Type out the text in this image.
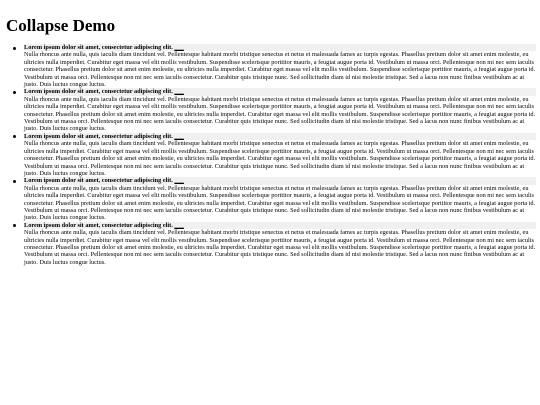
Collapse Demo
Lorem ipsum dolor sit amet, consectetur adipiscing elit. ___
Nulla rhoncus ante nulla, quis iaculis diam tincidunt vel. Pellentesque habitant morbi tristique senectus et netus et malesuada fames ac turpis egestas. Phasellus pretium dolor sit amet enim molestie, eu ultricies nulla imperdiet. Curabitur eget massa vel elit mollis vestibulum. Suspendisse scelerisque porttitor mauris, a feugiat augue porta id. Vestibulum ut massa orci. Pellentesque non mi nec sem iaculis consectetur. Phasellus pretium dolor sit amet enim molestie, eu ultricies nulla imperdiet. Curabitur eget massa vel elit mollis vestibulum. Suspendisse scelerisque porttitor mauris, a feugiat augue porta id. Vestibulum ut massa orci. Pellentesque non mi nec sem iaculis consectetur. Curabitur quis tristique nunc. Sed sollicitudin diam id nisi molestie tristique. Sed a lacus non nunc finibus vestibulum ac at justo. Duis luctus congue luctus.
Lorem ipsum dolor sit amet, consectetur adipiscing elit. ___
Nulla rhoncus ante nulla, quis iaculis diam tincidunt vel. Pellentesque habitant morbi tristique senectus et netus et malesuada fames ac turpis egestas. Phasellus pretium dolor sit amet enim molestie, eu ultricies nulla imperdiet. Curabitur eget massa vel elit mollis vestibulum. Suspendisse scelerisque porttitor mauris, a feugiat augue porta id. Vestibulum ut massa orci. Pellentesque non mi nec sem iaculis consectetur. Phasellus pretium dolor sit amet enim molestie, eu ultricies nulla imperdiet. Curabitur eget massa vel elit mollis vestibulum. Suspendisse scelerisque porttitor mauris, a feugiat augue porta id. Vestibulum ut massa orci. Pellentesque non mi nec sem iaculis consectetur. Curabitur quis tristique nunc. Sed sollicitudin diam id nisi molestie tristique. Sed a lacus non nunc finibus vestibulum ac at justo. Duis luctus congue luctus.
Lorem ipsum dolor sit amet, consectetur adipiscing elit. ___
Nulla rhoncus ante nulla, quis iaculis diam tincidunt vel. Pellentesque habitant morbi tristique senectus et netus et malesuada fames ac turpis egestas. Phasellus pretium dolor sit amet enim molestie, eu ultricies nulla imperdiet. Curabitur eget massa vel elit mollis vestibulum. Suspendisse scelerisque porttitor mauris, a feugiat augue porta id. Vestibulum ut massa orci. Pellentesque non mi nec sem iaculis consectetur. Phasellus pretium dolor sit amet enim molestie, eu ultricies nulla imperdiet. Curabitur eget massa vel elit mollis vestibulum. Suspendisse scelerisque porttitor mauris, a feugiat augue porta id. Vestibulum ut massa orci. Pellentesque non mi nec sem iaculis consectetur. Curabitur quis tristique nunc. Sed sollicitudin diam id nisi molestie tristique. Sed a lacus non nunc finibus vestibulum ac at justo. Duis luctus congue luctus.
Lorem ipsum dolor sit amet, consectetur adipiscing elit. ___
Nulla rhoncus ante nulla, quis iaculis diam tincidunt vel. Pellentesque habitant morbi tristique senectus et netus et malesuada fames ac turpis egestas. Phasellus pretium dolor sit amet enim molestie, eu ultricies nulla imperdiet. Curabitur eget massa vel elit mollis vestibulum. Suspendisse scelerisque porttitor mauris, a feugiat augue porta id. Vestibulum ut massa orci. Pellentesque non mi nec sem iaculis consectetur. Phasellus pretium dolor sit amet enim molestie, eu ultricies nulla imperdiet. Curabitur eget massa vel elit mollis vestibulum. Suspendisse scelerisque porttitor mauris, a feugiat augue porta id. Vestibulum ut massa orci. Pellentesque non mi nec sem iaculis consectetur. Curabitur quis tristique nunc. Sed sollicitudin diam id nisi molestie tristique. Sed a lacus non nunc finibus vestibulum ac at justo. Duis luctus congue luctus.
Lorem ipsum dolor sit amet, consectetur adipiscing elit. ___
Nulla rhoncus ante nulla, quis iaculis diam tincidunt vel. Pellentesque habitant morbi tristique senectus et netus et malesuada fames ac turpis egestas. Phasellus pretium dolor sit amet enim molestie, eu ultricies nulla imperdiet. Curabitur eget massa vel elit mollis vestibulum. Suspendisse scelerisque porttitor mauris, a feugiat augue porta id. Vestibulum ut massa orci. Pellentesque non mi nec sem iaculis consectetur. Phasellus pretium dolor sit amet enim molestie, eu ultricies nulla imperdiet. Curabitur eget massa vel elit mollis vestibulum. Suspendisse scelerisque porttitor mauris, a feugiat augue porta id. Vestibulum ut massa orci. Pellentesque non mi nec sem iaculis consectetur. Curabitur quis tristique nunc. Sed sollicitudin diam id nisi molestie tristique. Sed a lacus non nunc finibus vestibulum ac at justo. Duis luctus congue luctus.
